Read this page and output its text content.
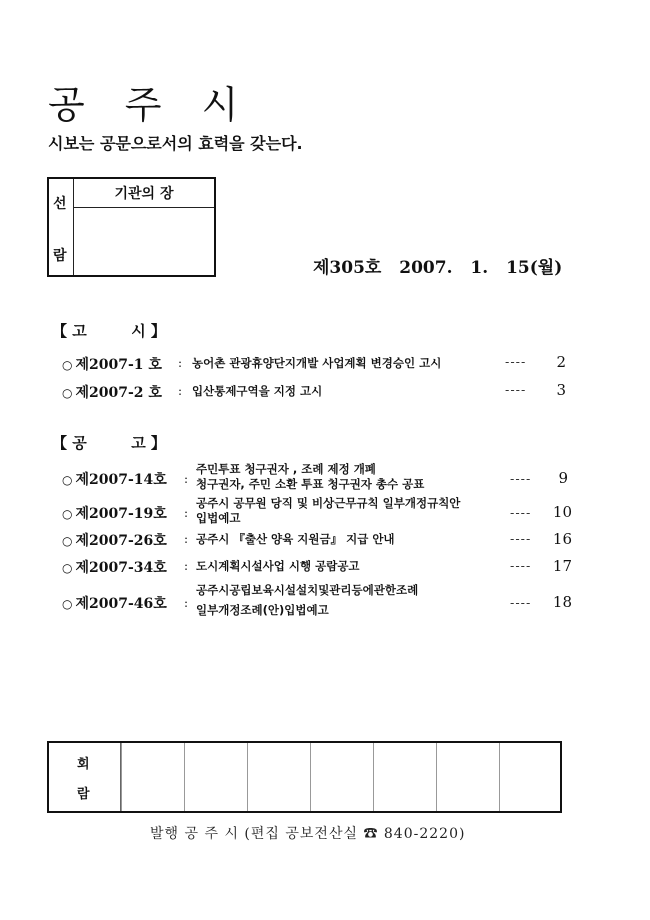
공 주 시
시보는 공문으로서의 효력을 갖는다.
선
람
기관의 장
제305호 2007. 1. 15(월)
【 고	시 】
○ 제2007-1 호 : 농어촌 관광휴양단지개발 사업계획 변경승인 고시	----	2
○ 제2007-2 호 : 입산통제구역을 지정 고시	----	3
【 공	고 】
○ 제2007-14호 :
주민투표 청구권자 , 조례 제정 개폐
청구권자, 주민 소환 투표 청구권자 총수 공표	----	9
○ 제2007-19호 :
공주시 공무원 당직 및 비상근무규칙 일부개정규칙안
입법예고	---- 10
○ 제2007-26호 : 공주시 『출산 양육 지원금』 지급 안내	---- 16
○ 제2007-34호 : 도시계획시설사업 시행 공람공고	---- 17
○ 제2007-46호 :
공주시공립보육시설설치및관리등에관한조례
일부개정조례(안)입법예고	---- 18
회
람
발행 공 주 시 (편집 공보전산실 ☎ 840-2220)
